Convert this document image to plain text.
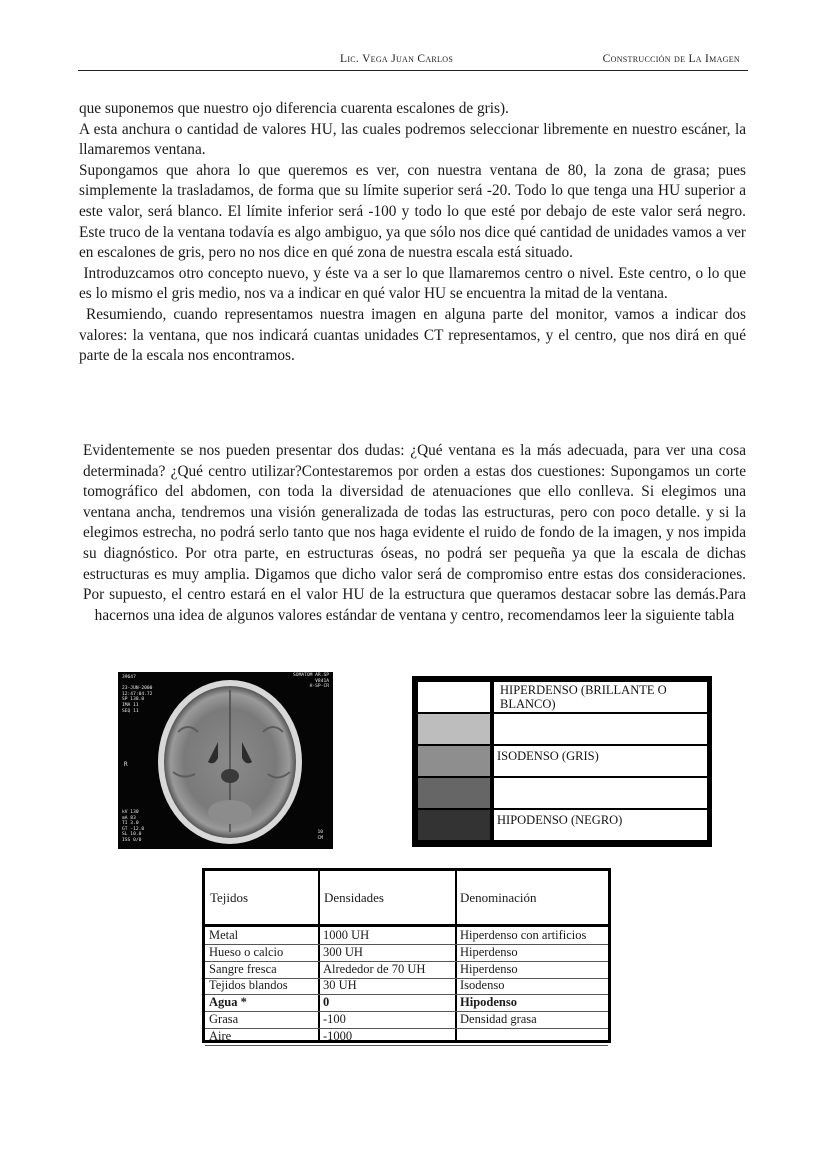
Lic. Vega Juan Carlos	Construcción de La Imagen
que suponemos que nuestro ojo diferencia cuarenta escalones de gris).
A esta anchura o cantidad de valores HU, las cuales podremos seleccionar libremente en nuestro escáner, la llamaremos ventana.
Supongamos que ahora lo que queremos es ver, con nuestra ventana de 80, la zona de grasa; pues simplemente la trasladamos, de forma que su límite superior será -20. Todo lo que tenga una HU superior a este valor, será blanco. El límite inferior será -100 y todo lo que esté por debajo de este valor será negro. Este truco de la ventana todavía es algo ambiguo, ya que sólo nos dice qué cantidad de unidades vamos a ver en escalones de gris, pero no nos dice en qué zona de nuestra escala está situado.
Introduzcamos otro concepto nuevo, y éste va a ser lo que llamaremos centro o nivel. Este centro, o lo que es lo mismo el gris medio, nos va a indicar en qué valor HU se encuentra la mitad de la ventana.
Resumiendo, cuando representamos nuestra imagen en alguna parte del monitor, vamos a indicar dos valores: la ventana, que nos indicará cuantas unidades CT representamos, y el centro, que nos dirá en qué parte de la escala nos encontramos.
Evidentemente se nos pueden presentar dos dudas: ¿Qué ventana es la más adecuada, para ver una cosa determinada? ¿Qué centro utilizar?Contestaremos por orden a estas dos cuestiones: Supongamos un corte tomográfico del abdomen, con toda la diversidad de atenuaciones que ello conlleva. Si elegimos una ventana ancha, tendremos una visión generalizada de todas las estructuras, pero con poco detalle. y si la elegimos estrecha, no podrá serlo tanto que nos haga evidente el ruido de fondo de la imagen, y nos impida su diagnóstico. Por otra parte, en estructuras óseas, no podrá ser pequeña ya que la escala de dichas estructuras es muy amplia. Digamos que dicho valor será de compromiso entre estas dos consideraciones. Por supuesto, el centro estará en el valor HU de la estructura que queramos destacar sobre las demás.Para hacernos una idea de algunos valores estándar de ventana y centro, recomendamos leer la siguiente tabla
39647

23-JUN-2000
12:47:04.72
SP 138.0
IMA 11
SEQ 11
SOMATOM AR.SP
V841A
H-SP-CR
R
kV 130
mA 83
TI 3.0
GT -12.0
SL 10.0
ISS 0/0
10
CM
HIPERDENSO (BRILLANTE O BLANCO)
ISODENSO (GRIS)
HIPODENSO (NEGRO)
Tejidos	Densidades	Denominación
Metal	1000 UH	Hiperdenso con artificios
Hueso o calcio	300 UH	Hiperdenso
Sangre fresca	Alrededor de 70 UH	Hiperdenso
Tejidos blandos	30 UH	Isodenso
Agua *	0	Hipodenso
Grasa	-100	Densidad grasa
Aire	-1000
